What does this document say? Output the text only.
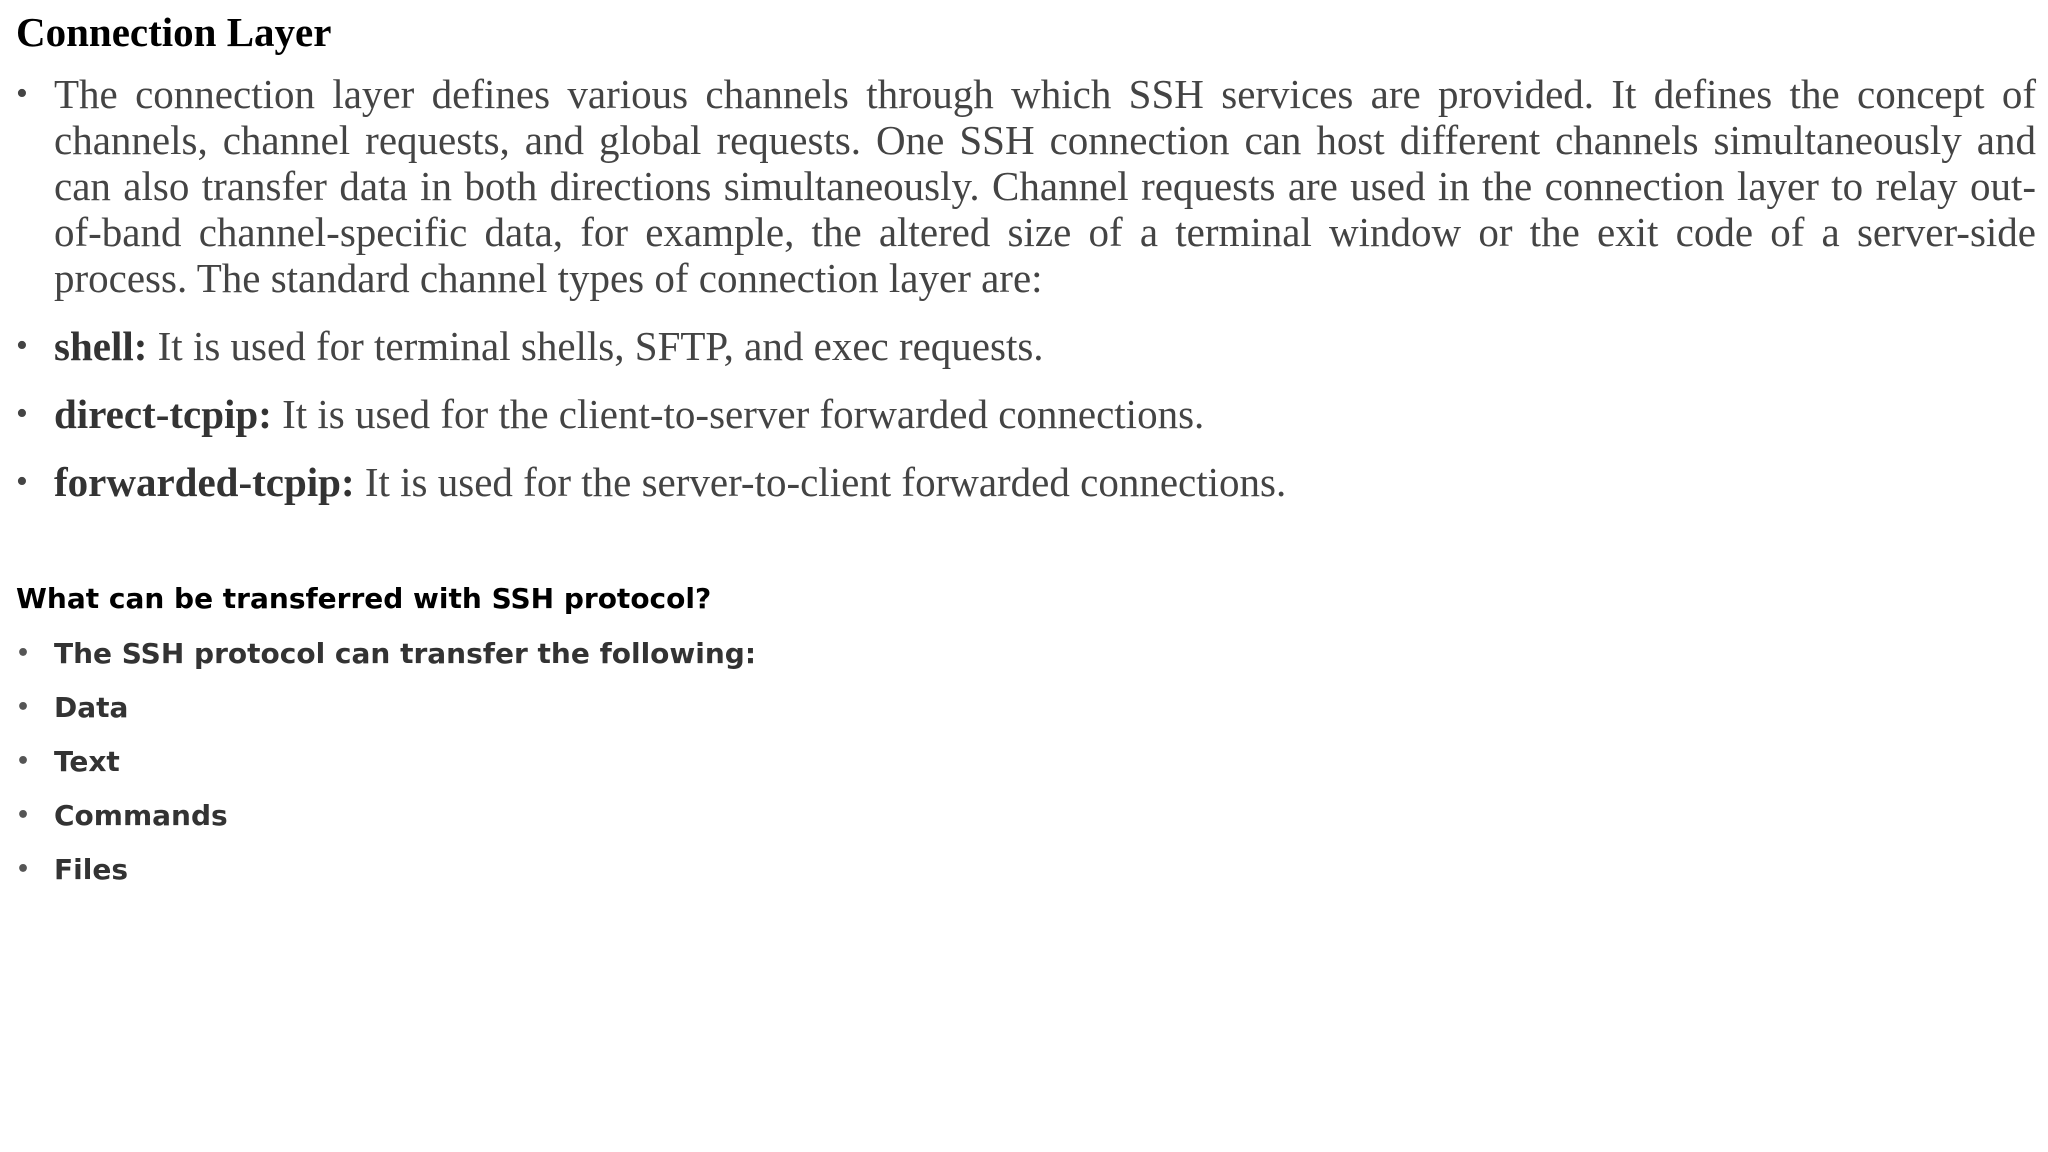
Connection Layer
• The connection layer defines various channels through which SSH services are provided. It defines the concept of channels, channel requests, and global requests. One SSH connection can host different channels simultaneously and can also transfer data in both directions simultaneously. Channel requests are used in the connection layer to relay out-of-band channel-specific data, for example, the altered size of a terminal window or the exit code of a server-side process. The standard channel types of connection layer are:
• shell: It is used for terminal shells, SFTP, and exec requests.
• direct-tcpip: It is used for the client-to-server forwarded connections.
• forwarded-tcpip: It is used for the server-to-client forwarded connections.
What can be transferred with SSH protocol?
• The SSH protocol can transfer the following:
• Data
• Text
• Commands
• Files
